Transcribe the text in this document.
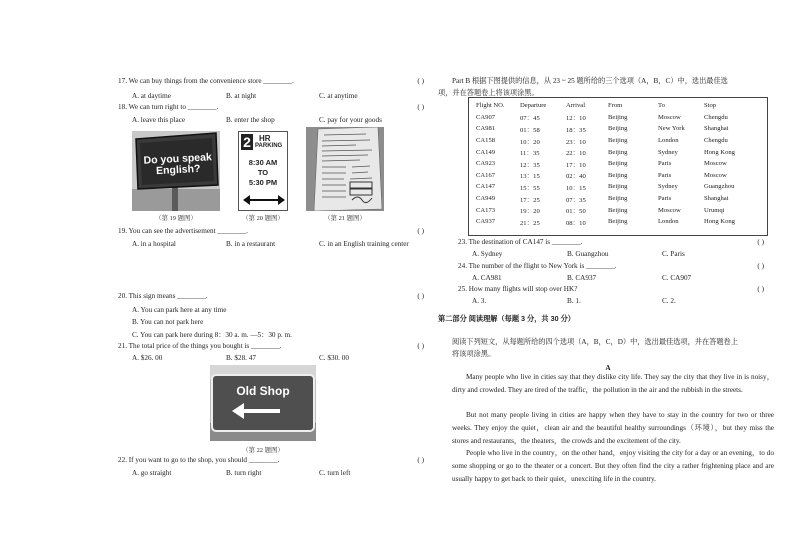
17. We can buy things from the convenience store ________.	( )
A. at daytime	B. at night	C. at anytime
18. We can turn right to ________.	( )
A. leave this place	B. enter the shop	C. pay for your goods
Do you speak
English?
（第 19 题图）
2 HR
PARKING
8:30 AM
TO
5:30 PM
（第 20 题图）	（第 21 题图）
19. You can see the advertisement ________.	( )
A. in a hospital	B. in a restaurant	C. in an English training center
20. This sign means ________.	( )
A. You can park here at any time
B. You can not park here
C. You can park here during 8：30 a. m. —5：30 p. m.
21. The total price of the things you bought is ________.	( )
A. $26. 00	B. $28. 47	C. $30. 00
Old Shop
（第 22 题图）
22. If you want to go to the shop, you should ________.	( )
A. go straight	B. turn right	C. turn left
Part B 根据下图提供的信息，从 23 ~ 25 题所给的三个选项（A，B，C）中，选出最佳选
项，并在答题卷上将该项涂黑。
Flight NO.	Departure	Arrival	From	To	Stop
CA907	07：45	12：10	Beijing	Moscow	Chengdu
CA981	01：58	18：35	Beijing	New York	Shanghai
CA158	10：20	23：10	Beijing	London	Chengdu
CA149	11：35	22：10	Beijing	Sydney	Hong Kong
CA923	12：35	17：10	Beijing	Paris	Moscow
CA167	13：15	02：40	Beijing	Paris	Moscow
CA147	15：55	10：15	Beijing	Sydney	Guangzhou
CA949	17：25	07：35	Beijing	Paris	Shanghai
CA173	19：20	01：50	Beijing	Moscow	Urumqi
CA937	21：25	08：10	Beijing	London	Hong Kong
23. The destination of CA147 is ________.	( )
A. Sydney	B. Guangzhou	C. Paris
24. The number of the flight to New York is ________.	( )
A. CA981	B. CA937	C. CA907
25. How many flights will stop over HK?	( )
A. 3.	B. 1.	C. 2.
第二部分 阅读理解（每题 3 分，共 30 分）
阅读下列短文，从每题所给的四个选项（A，B，C，D）中，选出最佳选项，并在答题卷上
将该项涂黑。
A
Many people who live in cities say that they dislike city life. They say the city that they live in is noisy，dirty and crowded. They are tired of the traffic，the pollution in the air and the rubbish in the streets.
But not many people living in cities are happy when they have to stay in the country for two or three weeks. They enjoy the quiet，clean air and the beautiful healthy surroundings（环境），but they miss the stores and restaurants，the theaters，the crowds and the excitement of the city.
People who live in the country，on the other hand，enjoy visiting the city for a day or an evening，to do some shopping or go to the theater or a concert. But they often find the city a rather frightening place and are usually happy to get back to their quiet，unexciting life in the country.
